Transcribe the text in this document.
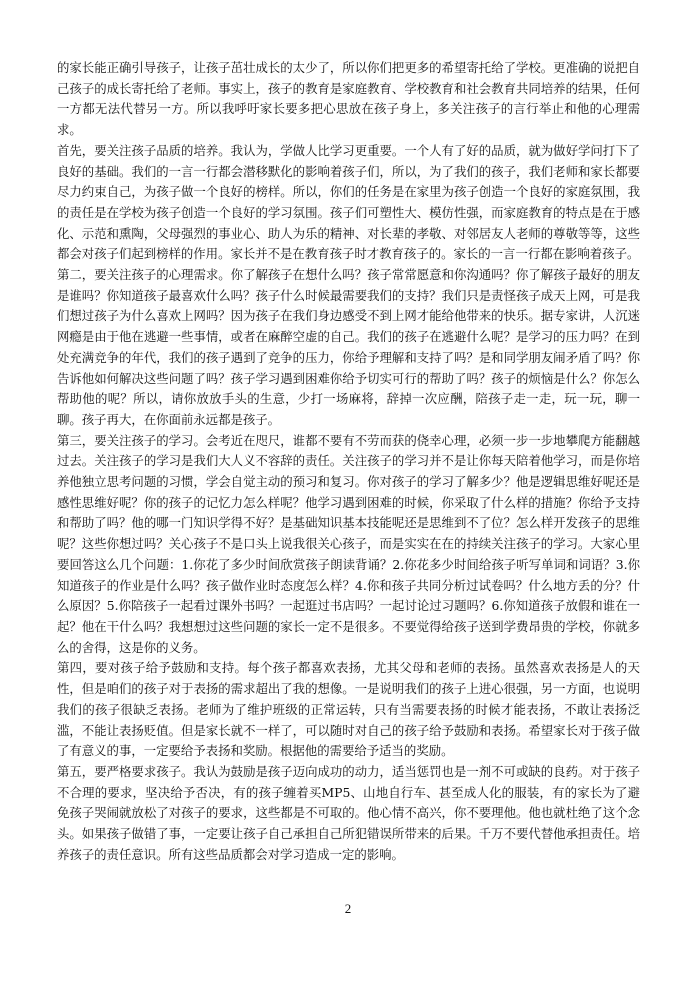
的家长能正确引导孩子，让孩子茁壮成长的太少了，所以你们把更多的希望寄托给了学校。更准确的说把自己孩子的成长寄托给了老师。事实上，孩子的教育是家庭教育、学校教育和社会教育共同培养的结果，任何一方都无法代替另一方。所以我呼吁家长要多把心思放在孩子身上，多关注孩子的言行举止和他的心理需求。

首先，要关注孩子品质的培养。我认为，学做人比学习更重要。一个人有了好的品质，就为做好学问打下了良好的基础。我们的一言一行都会潜移默化的影响着孩子们，所以，为了我们的孩子，我们老师和家长都要尽力约束自己，为孩子做一个良好的榜样。所以，你们的任务是在家里为孩子创造一个良好的家庭氛围，我的责任是在学校为孩子创造一个良好的学习氛围。孩子们可塑性大、模仿性强，而家庭教育的特点是在于感化、示范和熏陶，父母强烈的事业心、助人为乐的精神、对长辈的孝敬、对邻居友人老师的尊敬等等，这些都会对孩子们起到榜样的作用。家长并不是在教育孩子时才教育孩子的。家长的一言一行都在影响着孩子。

第二，要关注孩子的心理需求。你了解孩子在想什么吗？孩子常常愿意和你沟通吗？你了解孩子最好的朋友是谁吗？你知道孩子最喜欢什么吗？孩子什么时候最需要我们的支持？我们只是责怪孩子成天上网，可是我们想过孩子为什么喜欢上网吗？因为孩子在我们身边感受不到上网才能给他带来的快乐。据专家讲，人沉迷网瘾是由于他在逃避一些事情，或者在麻醉空虚的自己。我们的孩子在逃避什么呢？是学习的压力吗？在到处充满竞争的年代，我们的孩子遇到了竞争的压力，你给予理解和支持了吗？是和同学朋友闹矛盾了吗？你告诉他如何解决这些问题了吗？孩子学习遇到困难你给予切实可行的帮助了吗？孩子的烦恼是什么？你怎么帮助他的呢？所以，请你放放手头的生意，少打一场麻将，辞掉一次应酬，陪孩子走一走，玩一玩，聊一聊。孩子再大，在你面前永远都是孩子。

第三，要关注孩子的学习。会考近在咫尺，谁都不要有不劳而获的侥幸心理，必须一步一步地攀爬方能翻越过去。关注孩子的学习是我们大人义不容辞的责任。关注孩子的学习并不是让你每天陪着他学习，而是你培养他独立思考问题的习惯，学会自觉主动的预习和复习。你对孩子的学习了解多少？他是逻辑思维好呢还是感性思维好呢？你的孩子的记忆力怎么样呢？他学习遇到困难的时候，你采取了什么样的措施？你给予支持和帮助了吗？他的哪一门知识学得不好？是基础知识基本技能呢还是思维到不了位？怎么样开发孩子的思维呢？这些你想过吗？关心孩子不是口头上说我很关心孩子，而是实实在在的持续关注孩子的学习。大家心里要回答这么几个问题：1.你花了多少时间欣赏孩子朗读背诵？2.你花多少时间给孩子听写单词和词语？3.你知道孩子的作业是什么吗？孩子做作业时态度怎么样？4.你和孩子共同分析过试卷吗？什么地方丢的分？什么原因？5.你陪孩子一起看过课外书吗？一起逛过书店吗？一起讨论过习题吗？6.你知道孩子放假和谁在一起？他在干什么吗？我想想过这些问题的家长一定不是很多。不要觉得给孩子送到学费昂贵的学校，你就多么的舍得，这是你的义务。

第四，要对孩子给予鼓励和支持。每个孩子都喜欢表扬，尤其父母和老师的表扬。虽然喜欢表扬是人的天性，但是咱们的孩子对于表扬的需求超出了我的想像。一是说明我们的孩子上进心很强，另一方面，也说明我们的孩子很缺乏表扬。老师为了维护班级的正常运转，只有当需要表扬的时候才能表扬，不敢让表扬泛滥，不能让表扬贬值。但是家长就不一样了，可以随时对自己的孩子给予鼓励和表扬。希望家长对于孩子做了有意义的事，一定要给予表扬和奖励。根据他的需要给予适当的奖励。

第五，要严格要求孩子。我认为鼓励是孩子迈向成功的动力，适当惩罚也是一剂不可或缺的良药。对于孩子不合理的要求，坚决给予否决，有的孩子缠着买MP5、山地自行车、甚至成人化的服装，有的家长为了避免孩子哭闹就放松了对孩子的要求，这些都是不可取的。他心情不高兴，你不要理他。他也就杜绝了这个念头。如果孩子做错了事，一定要让孩子自己承担自己所犯错误所带来的后果。千万不要代替他承担责任。培养孩子的责任意识。所有这些品质都会对学习造成一定的影响。

2
